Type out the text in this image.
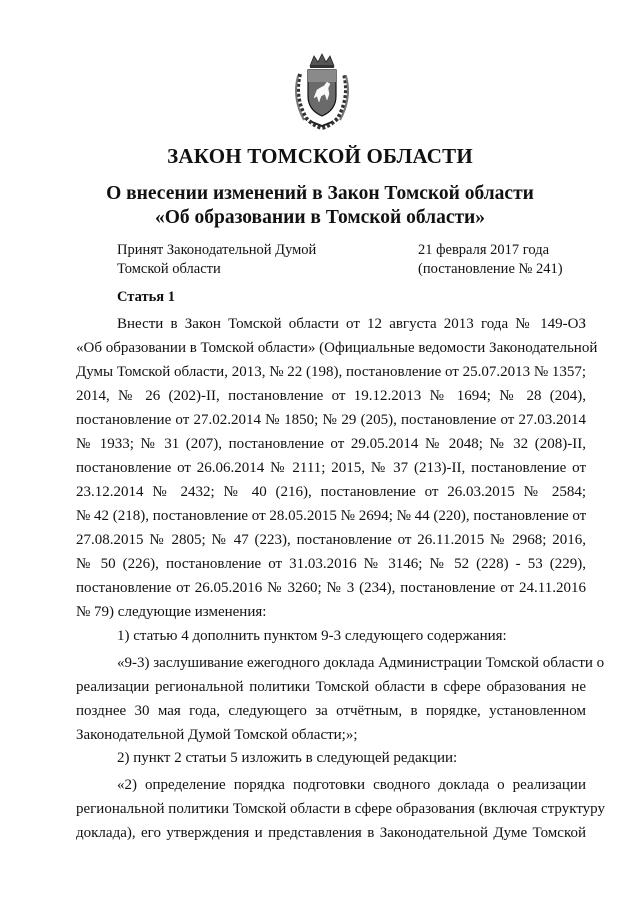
ЗАКОН ТОМСКОЙ ОБЛАСТИ
О внесении изменений в Закон Томской области
«Об образовании в Томской области»
Принят Законодательной Думой
Томской области
21 февраля 2017 года
(постановление № 241)
Статья 1
Внести в Закон Томской области от 12 августа 2013 года № 149-ОЗ
«Об образовании в Томской области» (Официальные ведомости Законодательной
Думы Томской области, 2013, № 22 (198), постановление от 25.07.2013 № 1357;
2014, № 26 (202)-II, постановление от 19.12.2013 № 1694; № 28 (204),
постановление от 27.02.2014 № 1850; № 29 (205), постановление от 27.03.2014
№ 1933; № 31 (207), постановление от 29.05.2014 № 2048; № 32 (208)-II,
постановление от 26.06.2014 № 2111; 2015, № 37 (213)-II, постановление от
23.12.2014 № 2432; № 40 (216), постановление от 26.03.2015 № 2584;
№ 42 (218), постановление от 28.05.2015 № 2694; № 44 (220), постановление от
27.08.2015 № 2805; № 47 (223), постановление от 26.11.2015 № 2968; 2016,
№ 50 (226), постановление от 31.03.2016 № 3146; № 52 (228) - 53 (229),
постановление от 26.05.2016 № 3260; № 3 (234), постановление от 24.11.2016
№ 79) следующие изменения:
1) статью 4 дополнить пунктом 9-3 следующего содержания:
«9-3) заслушивание ежегодного доклада Администрации Томской области о
реализации региональной политики Томской области в сфере образования не
позднее 30 мая года, следующего за отчётным, в порядке, установленном
Законодательной Думой Томской области;»;
2) пункт 2 статьи 5 изложить в следующей редакции:
«2) определение порядка подготовки сводного доклада о реализации
региональной политики Томской области в сфере образования (включая структуру
доклада), его утверждения и представления в Законодательной Думе Томской
